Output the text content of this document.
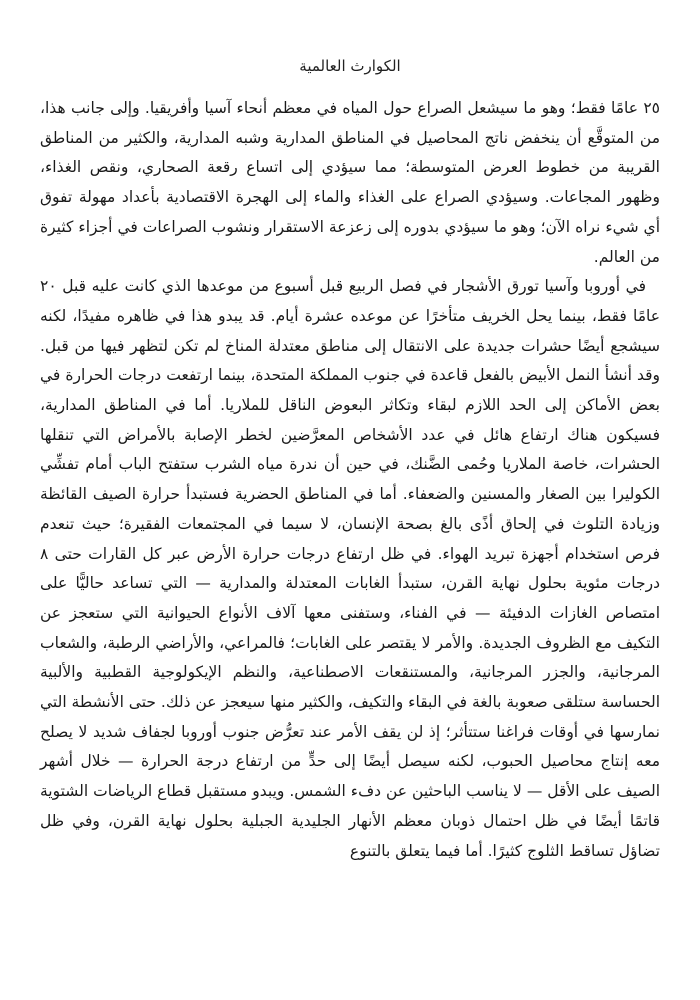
الكوارث العالمية

٢٥ عامًا فقط؛ وهو ما سيشعل الصراع حول المياه في معظم أنحاء آسيا وأفريقيا. وإلى جانب هذا، من المتوقَّع أن ينخفض ناتج المحاصيل في المناطق المدارية وشبه المدارية، والكثير من المناطق القريبة من خطوط العرض المتوسطة؛ مما سيؤدي إلى اتساع رقعة الصحاري، ونقص الغذاء، وظهور المجاعات. وسيؤدي الصراع على الغذاء والماء إلى الهجرة الاقتصادية بأعداد مهولة تفوق أي شيء نراه الآن؛ وهو ما سيؤدي بدوره إلى زعزعة الاستقرار ونشوب الصراعات في أجزاء كثيرة من العالم.

في أوروبا وآسيا تورق الأشجار في فصل الربيع قبل أسبوع من موعدها الذي كانت عليه قبل ٢٠ عامًا فقط، بينما يحل الخريف متأخرًا عن موعده عشرة أيام. قد يبدو هذا في ظاهره مفيدًا، لكنه سيشجع أيضًا حشرات جديدة على الانتقال إلى مناطق معتدلة المناخ لم تكن لتظهر فيها من قبل. وقد أنشأ النمل الأبيض بالفعل قاعدة في جنوب المملكة المتحدة، بينما ارتفعت درجات الحرارة في بعض الأماكن إلى الحد اللازم لبقاء وتكاثر البعوض الناقل للملاريا. أما في المناطق المدارية، فسيكون هناك ارتفاع هائل في عدد الأشخاص المعرَّضين لخطر الإصابة بالأمراض التي تنقلها الحشرات، خاصة الملاريا وحُمى الضَّنك، في حين أن ندرة مياه الشرب ستفتح الباب أمام تفشِّي الكوليرا بين الصغار والمسنين والضعفاء. أما في المناطق الحضرية فستبدأ حرارة الصيف القائظة وزيادة التلوث في إلحاق أذًى بالغ بصحة الإنسان، لا سيما في المجتمعات الفقيرة؛ حيث تنعدم فرص استخدام أجهزة تبريد الهواء. في ظل ارتفاع درجات حرارة الأرض عبر كل القارات حتى ٨ درجات مئوية بحلول نهاية القرن، ستبدأ الغابات المعتدلة والمدارية — التي تساعد حاليًّا على امتصاص الغازات الدفيئة — في الفناء، وستفنى معها آلاف الأنواع الحيوانية التي ستعجز عن التكيف مع الظروف الجديدة. والأمر لا يقتصر على الغابات؛ فالمراعي، والأراضي الرطبة، والشعاب المرجانية، والجزر المرجانية، والمستنقعات الاصطناعية، والنظم الإيكولوجية القطبية والألبية الحساسة ستلقى صعوبة بالغة في البقاء والتكيف، والكثير منها سيعجز عن ذلك. حتى الأنشطة التي نمارسها في أوقات فراغنا ستتأثر؛ إذ لن يقف الأمر عند تعرُّض جنوب أوروبا لجفاف شديد لا يصلح معه إنتاج محاصيل الحبوب، لكنه سيصل أيضًا إلى حدٍّ من ارتفاع درجة الحرارة — خلال أشهر الصيف على الأقل — لا يناسب الباحثين عن دفء الشمس. ويبدو مستقبل قطاع الرياضات الشتوية قاتمًا أيضًا في ظل احتمال ذوبان معظم الأنهار الجليدية الجبلية بحلول نهاية القرن، وفي ظل تضاؤل تساقط الثلوج كثيرًا. أما فيما يتعلق بالتنوع
